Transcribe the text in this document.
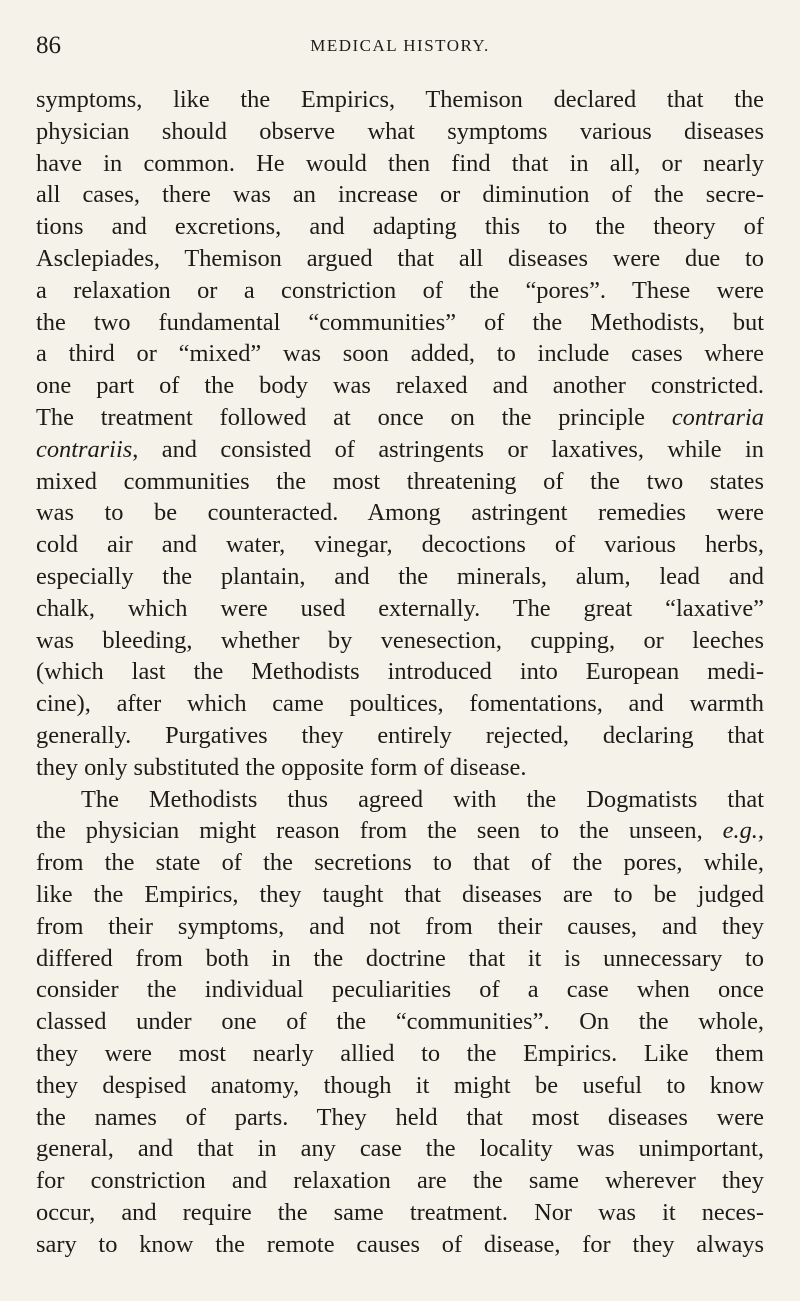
86	MEDICAL HISTORY.
symptoms, like the Empirics, Themison declared that the
physician should observe what symptoms various diseases
have in common. He would then find that in all, or nearly
all cases, there was an increase or diminution of the secre-
tions and excretions, and adapting this to the theory of
Asclepiades, Themison argued that all diseases were due to
a relaxation or a constriction of the “pores”. These were
the two fundamental “communities” of the Methodists, but
a third or “mixed” was soon added, to include cases where
one part of the body was relaxed and another constricted.
The treatment followed at once on the principle contraria
contrariis, and consisted of astringents or laxatives, while in
mixed communities the most threatening of the two states
was to be counteracted. Among astringent remedies were
cold air and water, vinegar, decoctions of various herbs,
especially the plantain, and the minerals, alum, lead and
chalk, which were used externally. The great “laxative”
was bleeding, whether by venesection, cupping, or leeches
(which last the Methodists introduced into European medi-
cine), after which came poultices, fomentations, and warmth
generally. Purgatives they entirely rejected, declaring that
they only substituted the opposite form of disease.
The Methodists thus agreed with the Dogmatists that
the physician might reason from the seen to the unseen, e.g.,
from the state of the secretions to that of the pores, while,
like the Empirics, they taught that diseases are to be judged
from their symptoms, and not from their causes, and they
differed from both in the doctrine that it is unnecessary to
consider the individual peculiarities of a case when once
classed under one of the “communities”. On the whole,
they were most nearly allied to the Empirics. Like them
they despised anatomy, though it might be useful to know
the names of parts. They held that most diseases were
general, and that in any case the locality was unimportant,
for constriction and relaxation are the same wherever they
occur, and require the same treatment. Nor was it neces-
sary to know the remote causes of disease, for they always
